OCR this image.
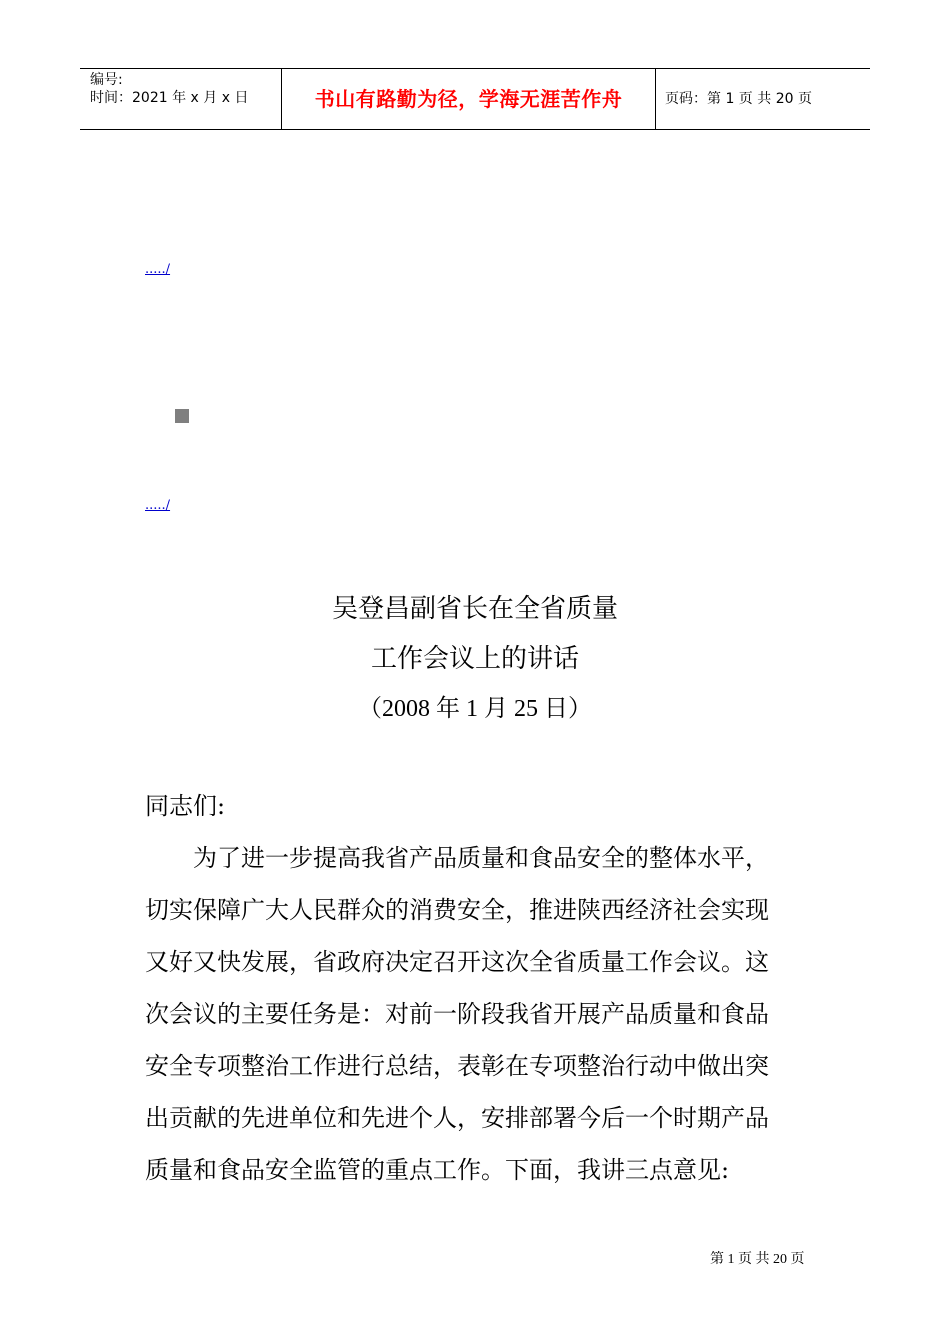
编号:
时间：2021 年 x 月 x 日	书山有路勤为径，学海无涯苦作舟	页码：第 1 页 共 20 页
...../
...../
吴登昌副省长在全省质量
工作会议上的讲话
（2008 年 1 月 25 日）
同志们:
　　为了进一步提高我省产品质量和食品安全的整体水平，
切实保障广大人民群众的消费安全，推进陕西经济社会实现
又好又快发展，省政府决定召开这次全省质量工作会议。这
次会议的主要任务是：对前一阶段我省开展产品质量和食品
安全专项整治工作进行总结，表彰在专项整治行动中做出突
出贡献的先进单位和先进个人，安排部署今后一个时期产品
质量和食品安全监管的重点工作。下面，我讲三点意见:
第 1 页 共 20 页
